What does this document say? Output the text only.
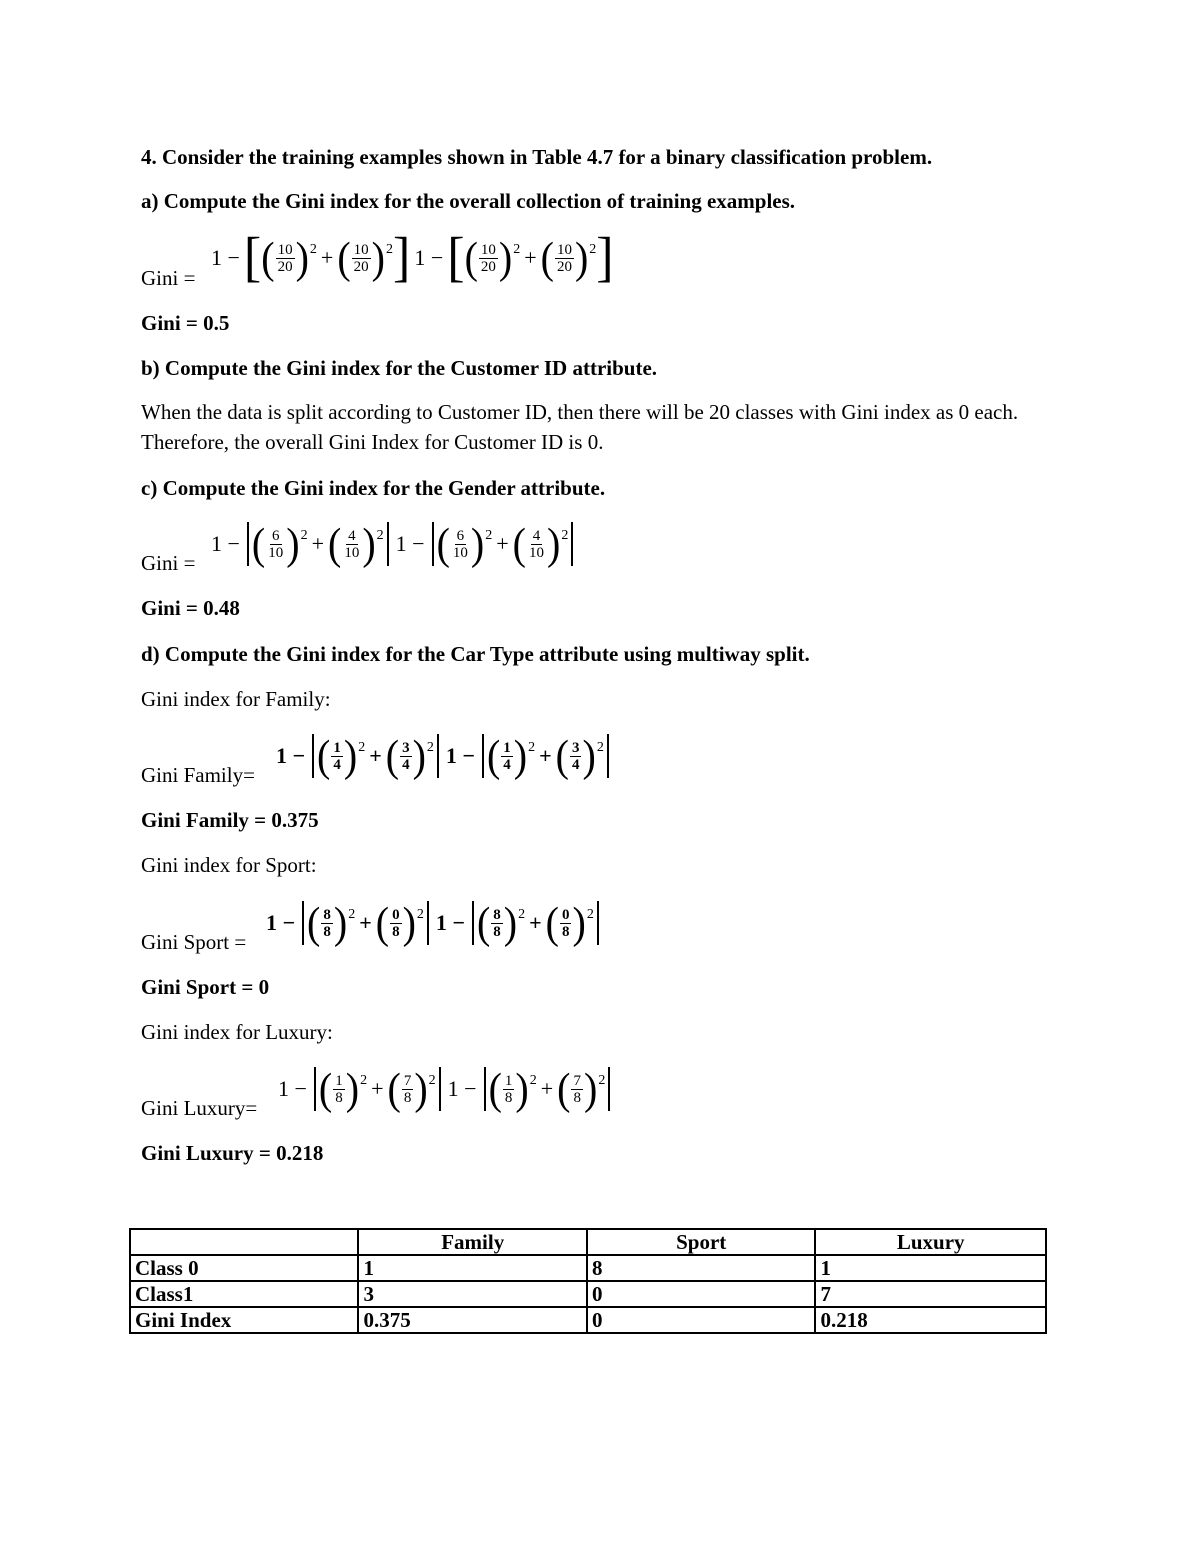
4. Consider the training examples shown in Table 4.7 for a binary classification problem.
a) Compute the Gini index for the overall collection of training examples.
Gini =
1 − [ ( $\frac{10}{20}$ ) 2 + ( $\frac{10}{20}$ ) 2 ] 1 − [ ( $\frac{10}{20}$ ) 2 + ( $\frac{10}{20}$ ) 2 ]
Gini = 0.5
b) Compute the Gini index for the Customer ID attribute.
When the data is split according to Customer ID, then there will be 20 classes with Gini index as 0 each. Therefore, the overall Gini Index for Customer ID is 0.
c) Compute the Gini index for the Gender attribute.
Gini =
1 − ( $\frac{6}{10}$ ) 2 + ( $\frac{4}{10}$ ) 2 1 − ( $\frac{6}{10}$ ) 2 + ( $\frac{4}{10}$ ) 2
Gini = 0.48
d) Compute the Gini index for the Car Type attribute using multiway split.
Gini index for Family:
Gini Family=
1 − ( $\frac{1}{4}$ ) 2 + ( $\frac{3}{4}$ ) 2 1 − ( $\frac{1}{4}$ ) 2 + ( $\frac{3}{4}$ ) 2
Gini Family = 0.375
Gini index for Sport:
Gini Sport =
1 − ( $\frac{8}{8}$ ) 2 + ( $\frac{0}{8}$ ) 2 1 − ( $\frac{8}{8}$ ) 2 + ( $\frac{0}{8}$ ) 2
Gini Sport = 0
Gini index for Luxury:
Gini Luxury=
1 − ( $\frac{1}{8}$ ) 2 + ( $\frac{7}{8}$ ) 2 1 − ( $\frac{1}{8}$ ) 2 + ( $\frac{7}{8}$ ) 2
Gini Luxury = 0.218
	Family	Sport	Luxury
Class 0	1	8	1
Class1	3	0	7
Gini Index	0.375	0	0.218
